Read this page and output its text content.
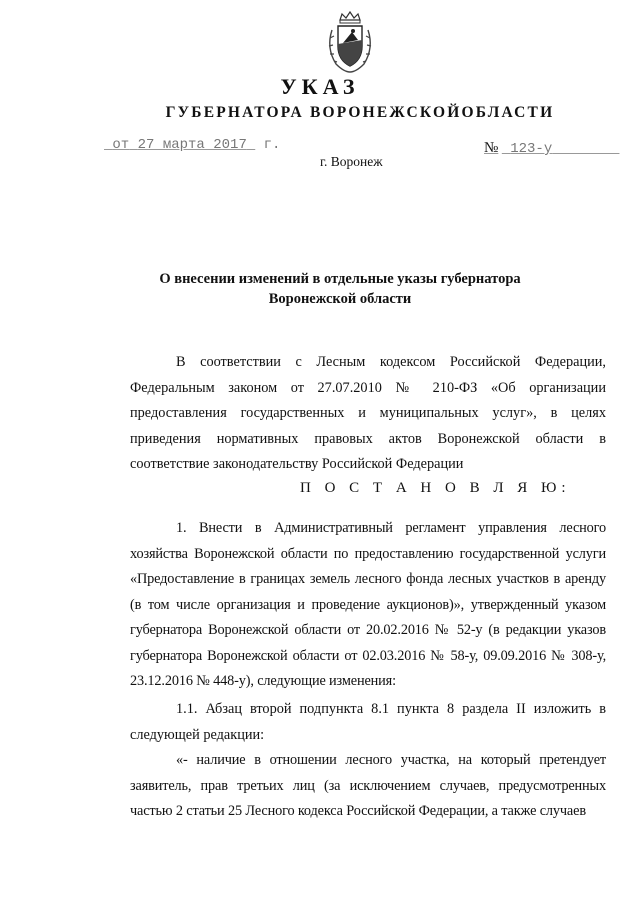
УКАЗ
ГУБЕРНАТОРА ВОРОНЕЖСКОЙОБЛАСТИ
от 27 марта 2017 г.	№ 123-у
г. Воронеж
О внесении изменений в отдельные указы губернатора
Воронежской области

В соответствии с Лесным кодексом Российской Федерации, Федеральным законом от 27.07.2010 № 210-ФЗ «Об организации предоставления государственных и муниципальных услуг», в целях приведения нормативных правовых актов Воронежской области в соответствие законодательству Российской Федерации

П О С Т А Н О В Л Я Ю:

1. Внести в Административный регламент управления лесного хозяйства Воронежской области по предоставлению государственной услуги «Предоставление в границах земель лесного фонда лесных участков в аренду (в том числе организация и проведение аукционов)», утвержденный указом губернатора Воронежской области от 20.02.2016 № 52-у (в редакции указов губернатора Воронежской области от 02.03.2016 № 58-у, 09.09.2016 № 308-у, 23.12.2016 № 448-у), следующие изменения:

1.1. Абзац второй подпункта 8.1 пункта 8 раздела II изложить в следующей редакции:

«- наличие в отношении лесного участка, на который претендует заявитель, прав третьих лиц (за исключением случаев, предусмотренных частью 2 статьи 25 Лесного кодекса Российской Федерации, а также случаев
